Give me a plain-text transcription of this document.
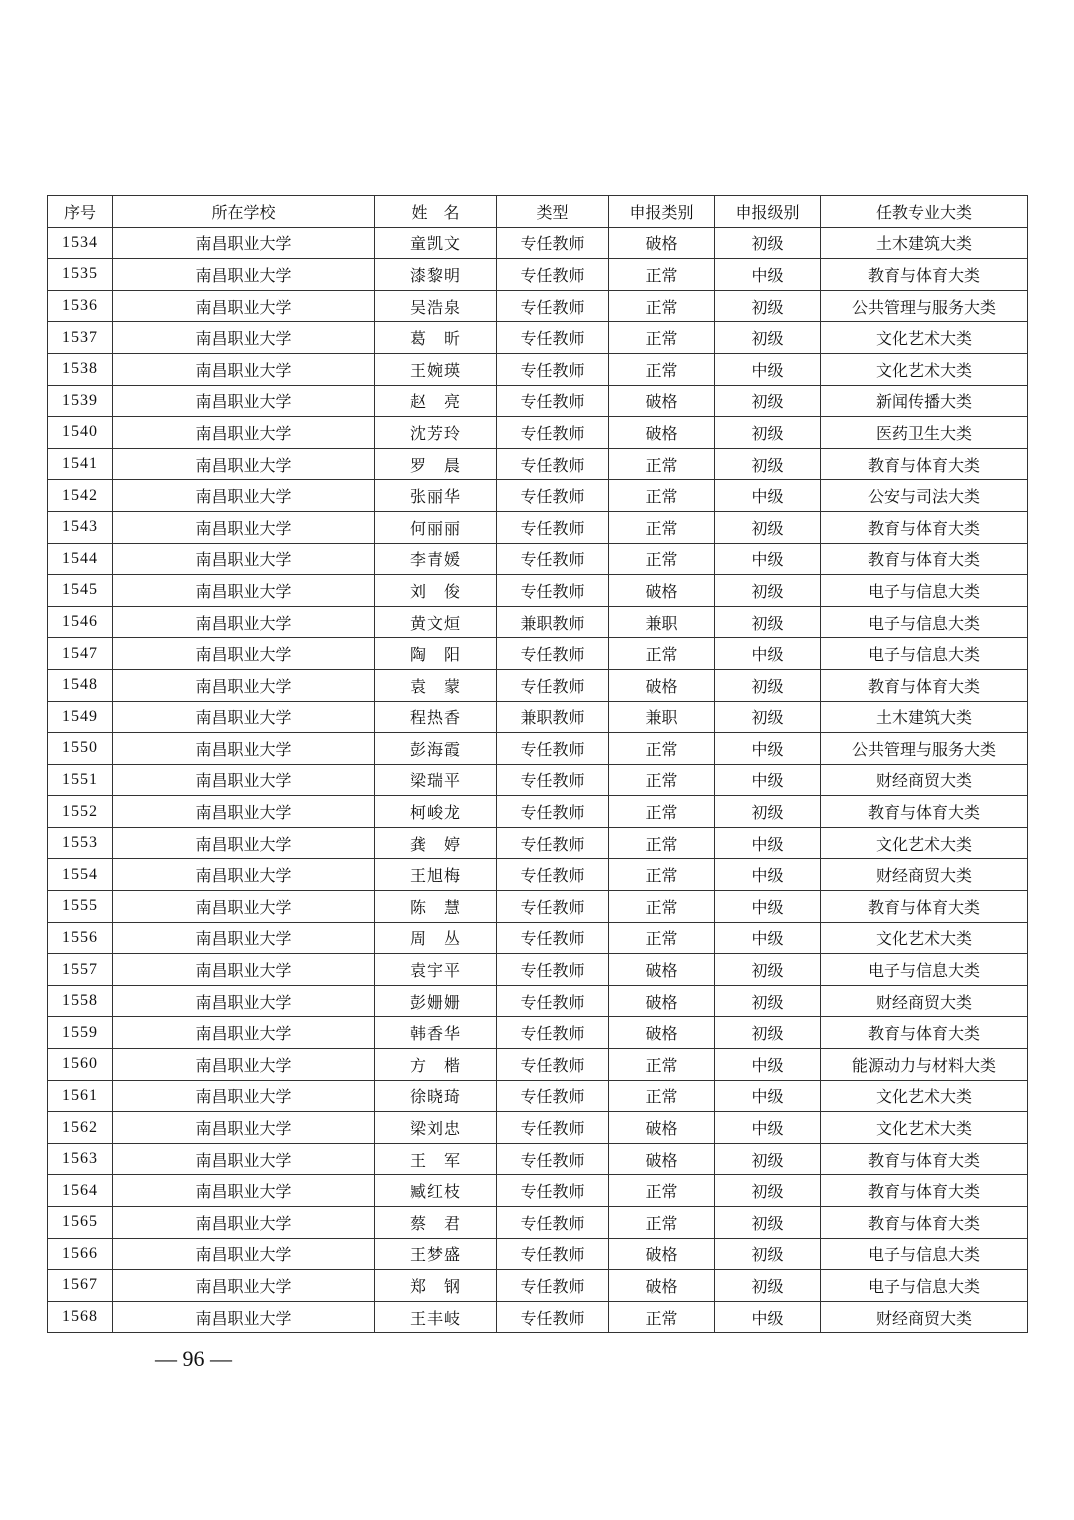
序号	所在学校	姓　名	类型	申报类别	申报级别	任教专业大类
1534	南昌职业大学	童凯文	专任教师	破格	初级	土木建筑大类
1535	南昌职业大学	漆黎明	专任教师	正常	中级	教育与体育大类
1536	南昌职业大学	吴浩泉	专任教师	正常	初级	公共管理与服务大类
1537	南昌职业大学	葛　昕	专任教师	正常	初级	文化艺术大类
1538	南昌职业大学	王婉瑛	专任教师	正常	中级	文化艺术大类
1539	南昌职业大学	赵　亮	专任教师	破格	初级	新闻传播大类
1540	南昌职业大学	沈芳玲	专任教师	破格	初级	医药卫生大类
1541	南昌职业大学	罗　晨	专任教师	正常	初级	教育与体育大类
1542	南昌职业大学	张丽华	专任教师	正常	中级	公安与司法大类
1543	南昌职业大学	何丽丽	专任教师	正常	初级	教育与体育大类
1544	南昌职业大学	李青媛	专任教师	正常	中级	教育与体育大类
1545	南昌职业大学	刘　俊	专任教师	破格	初级	电子与信息大类
1546	南昌职业大学	黄文烜	兼职教师	兼职	初级	电子与信息大类
1547	南昌职业大学	陶　阳	专任教师	正常	中级	电子与信息大类
1548	南昌职业大学	袁　蒙	专任教师	破格	初级	教育与体育大类
1549	南昌职业大学	程热香	兼职教师	兼职	初级	土木建筑大类
1550	南昌职业大学	彭海霞	专任教师	正常	中级	公共管理与服务大类
1551	南昌职业大学	梁瑞平	专任教师	正常	中级	财经商贸大类
1552	南昌职业大学	柯峻龙	专任教师	正常	初级	教育与体育大类
1553	南昌职业大学	龚　婷	专任教师	正常	中级	文化艺术大类
1554	南昌职业大学	王旭梅	专任教师	正常	中级	财经商贸大类
1555	南昌职业大学	陈　慧	专任教师	正常	中级	教育与体育大类
1556	南昌职业大学	周　丛	专任教师	正常	中级	文化艺术大类
1557	南昌职业大学	袁宇平	专任教师	破格	初级	电子与信息大类
1558	南昌职业大学	彭姗姗	专任教师	破格	初级	财经商贸大类
1559	南昌职业大学	韩香华	专任教师	破格	初级	教育与体育大类
1560	南昌职业大学	方　楷	专任教师	正常	中级	能源动力与材料大类
1561	南昌职业大学	徐晓琦	专任教师	正常	中级	文化艺术大类
1562	南昌职业大学	梁刘忠	专任教师	破格	中级	文化艺术大类
1563	南昌职业大学	王　军	专任教师	破格	初级	教育与体育大类
1564	南昌职业大学	臧红枝	专任教师	正常	初级	教育与体育大类
1565	南昌职业大学	蔡　君	专任教师	正常	初级	教育与体育大类
1566	南昌职业大学	王梦盛	专任教师	破格	初级	电子与信息大类
1567	南昌职业大学	郑　钢	专任教师	破格	初级	电子与信息大类
1568	南昌职业大学	王丰岐	专任教师	正常	中级	财经商贸大类
— 96 —
